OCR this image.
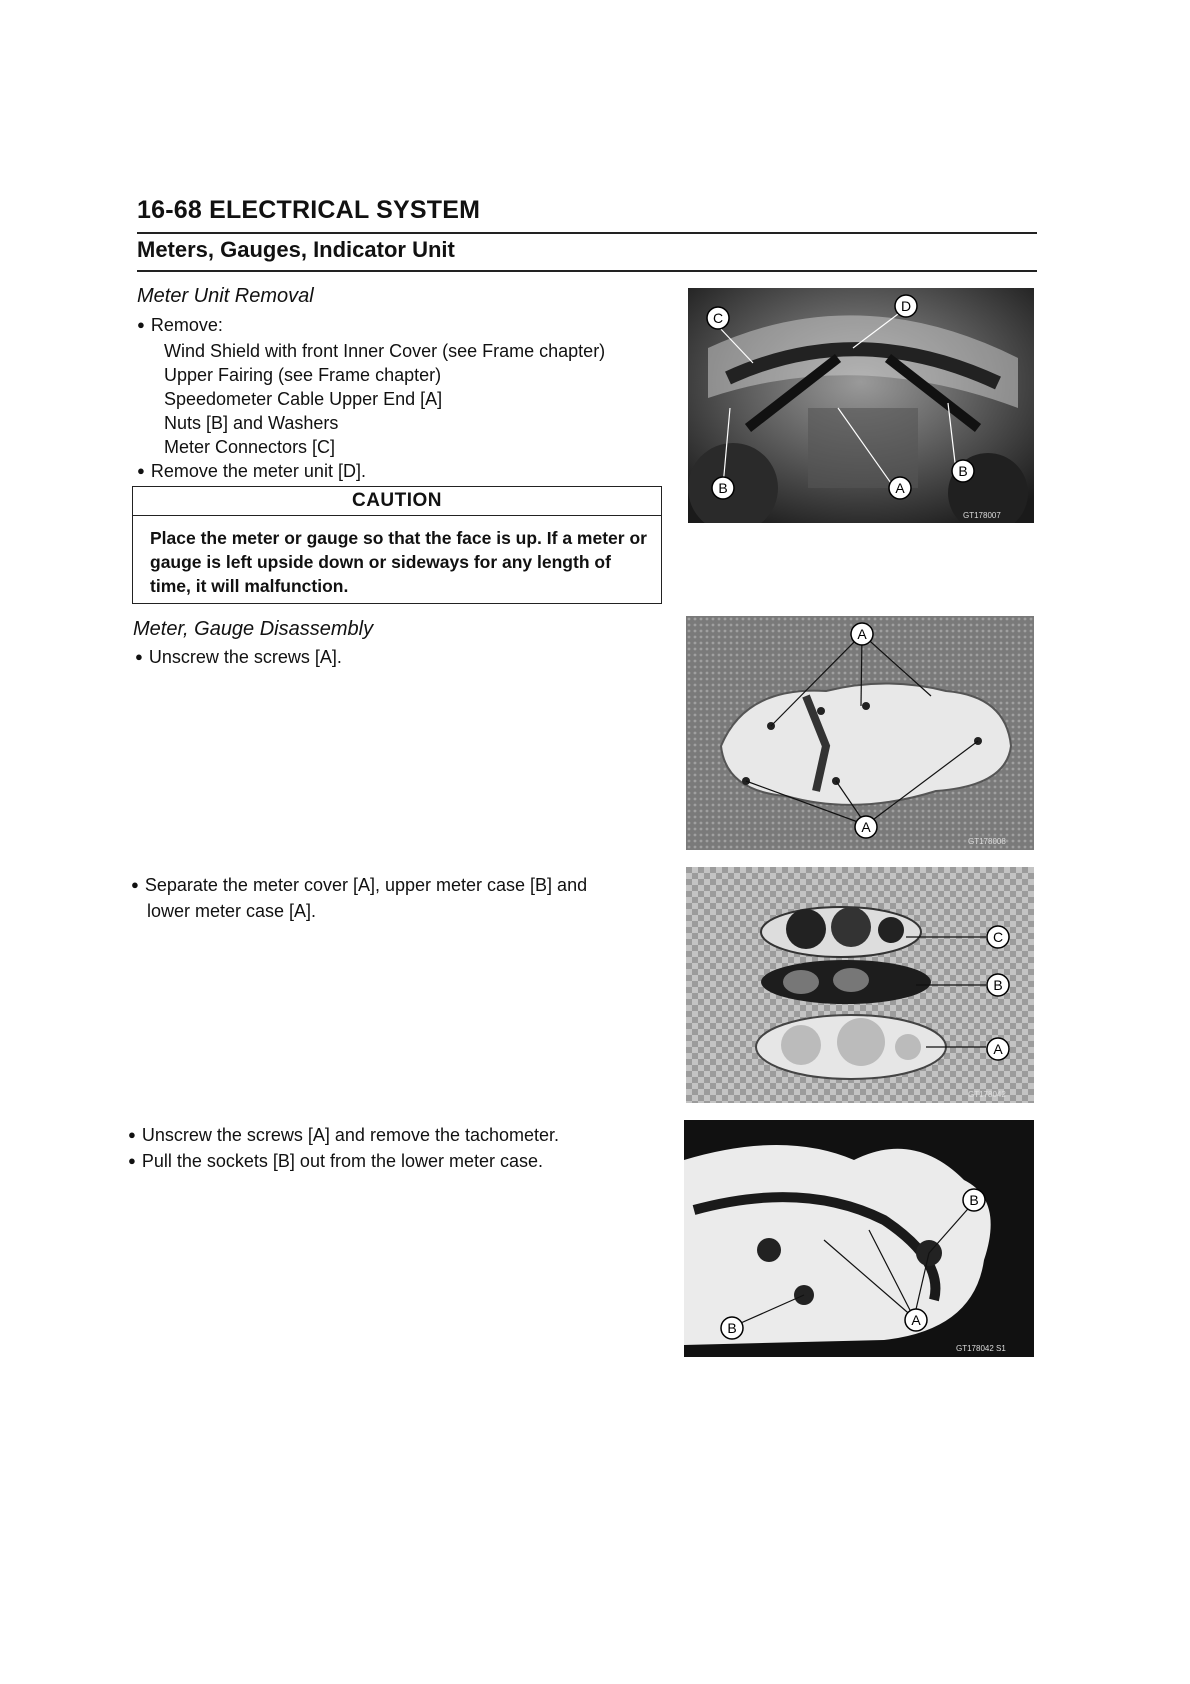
16-68 ELECTRICAL SYSTEM
Meters, Gauges, Indicator Unit
Meter Unit Removal
● Remove:
Wind Shield with front Inner Cover (see Frame chapter)
Upper Fairing (see Frame chapter)
Speedometer Cable Upper End [A]
Nuts [B] and Washers
Meter Connectors [C]
● Remove the meter unit [D].
CAUTION
Place the meter or gauge so that the face is up. If a meter or gauge is left upside down or sideways for any length of time, it will malfunction.
Meter, Gauge Disassembly
● Unscrew the screws [A].
● Separate the meter cover [A], upper meter case [B] and
lower meter case [A].
● Unscrew the screws [A] and remove the tachometer.
● Pull the sockets [B] out from the lower meter case.
C
D
B	A
B
GT178007
A
A
GT178008
C
B
A
GT178042
B
B	A
GT178042 S1
